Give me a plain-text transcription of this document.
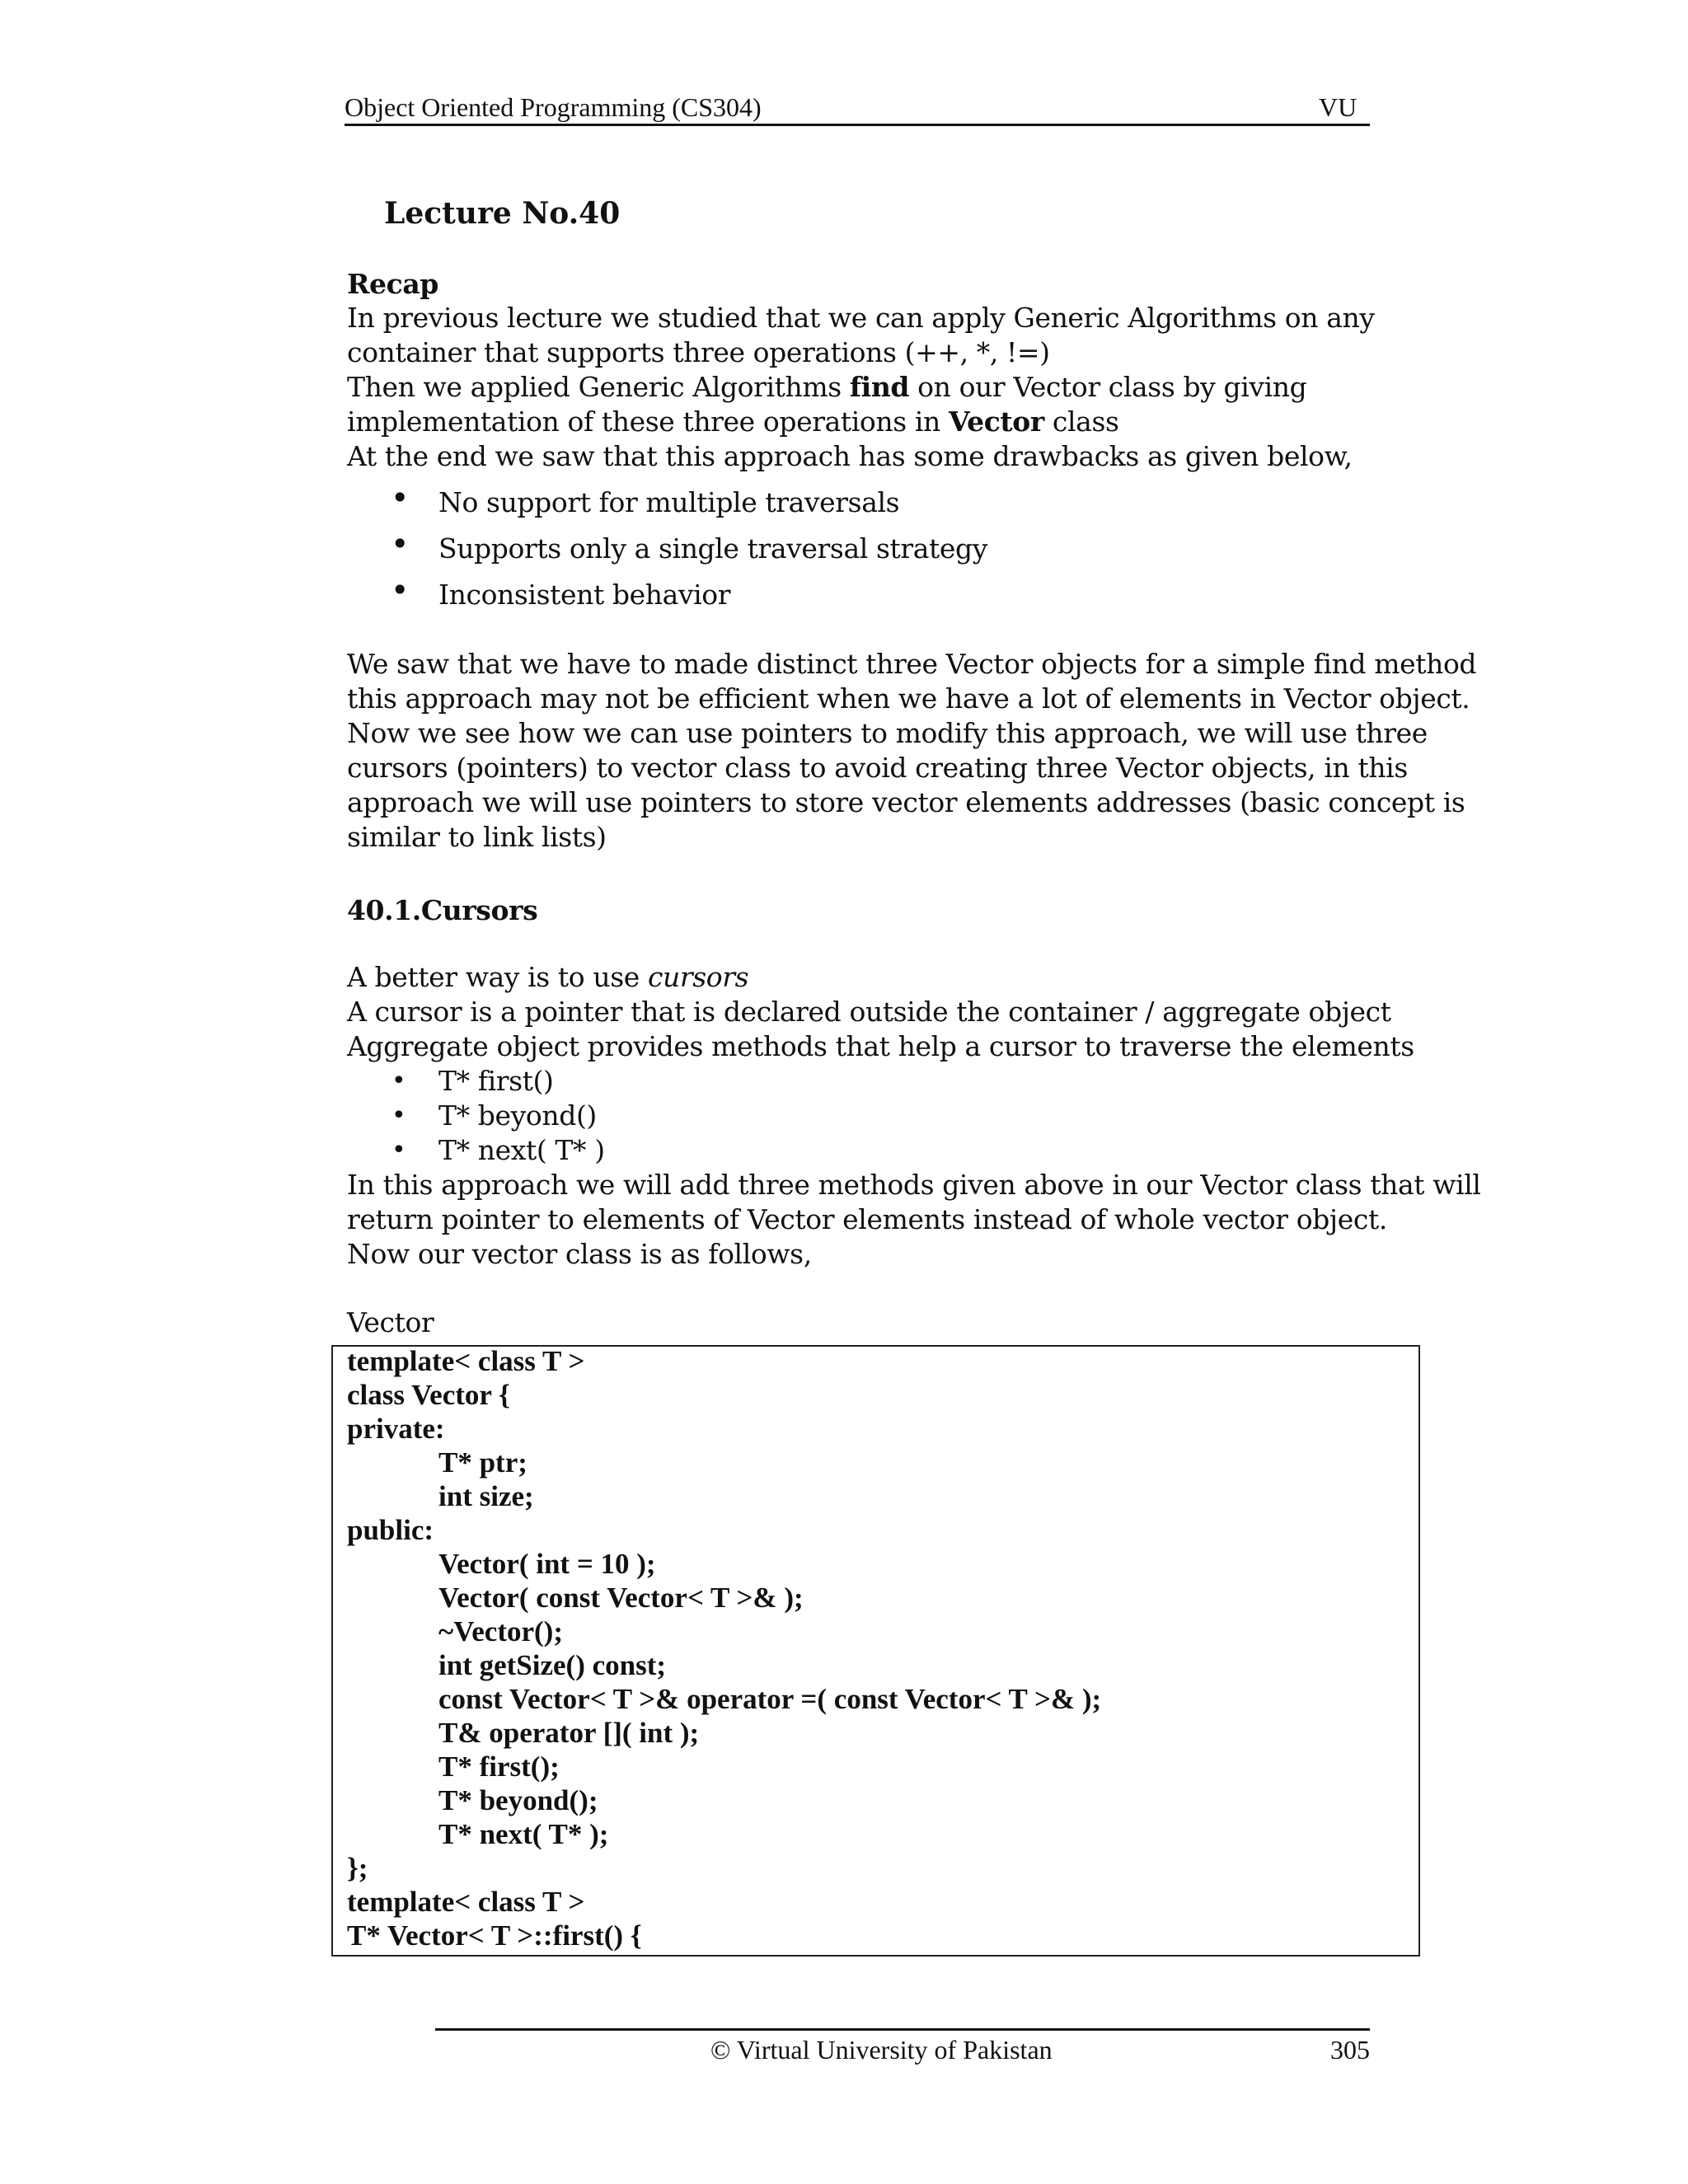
Object Oriented Programming (CS304)	VU
Lecture No.40
Recap
In previous lecture we studied that we can apply Generic Algorithms on any
container that supports three operations (++, *, !=)
Then we applied Generic Algorithms find on our Vector class by giving
implementation of these three operations in Vector class
At the end we saw that this approach has some drawbacks as given below,
• No support for multiple traversals
• Supports only a single traversal strategy
• Inconsistent behavior
We saw that we have to made distinct three Vector objects for a simple find method
this approach may not be efficient when we have a lot of elements in Vector object.
Now we see how we can use pointers to modify this approach, we will use three
cursors (pointers) to vector class to avoid creating three Vector objects, in this
approach we will use pointers to store vector elements addresses (basic concept is
similar to link lists)
40.1.Cursors
A better way is to use cursors
A cursor is a pointer that is declared outside the container / aggregate object
Aggregate object provides methods that help a cursor to traverse the elements
• T* first()
• T* beyond()
• T* next( T* )
In this approach we will add three methods given above in our Vector class that will
return pointer to elements of Vector elements instead of whole vector object.
Now our vector class is as follows,
Vector
template< class T >
class Vector {
private:
T* ptr;
int size;
public:
Vector( int = 10 );
Vector( const Vector< T >& );
~Vector();
int getSize() const;
const Vector< T >& operator =( const Vector< T >& );
T& operator []( int );
T* first();
T* beyond();
T* next( T* );
};
template< class T >
T* Vector< T >::first() {
© Virtual University of Pakistan	305
